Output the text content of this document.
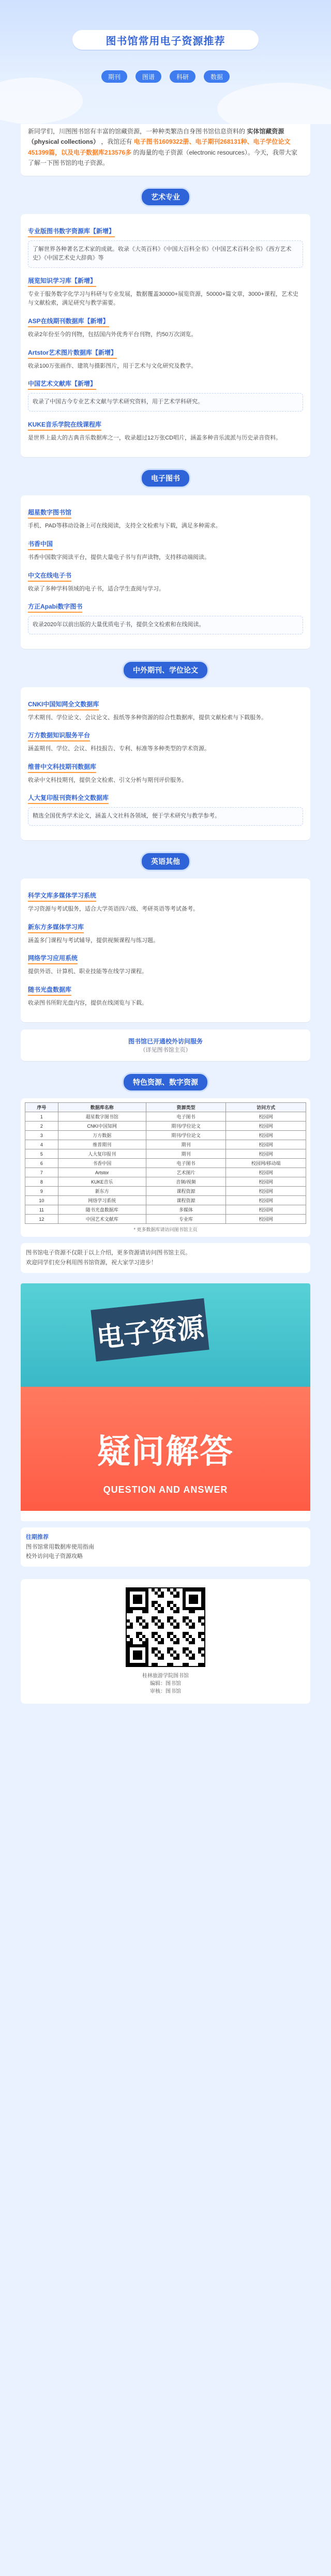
图书馆常用电子资源推荐
期刊	图谱	科研	数据
新同学们，川图图书馆有丰富的馆藏资源，一种种类繁浩自身图书馆信息资料的 实体馆藏资源（physical collections） ，我馆还有 电子图书1609322册、电子期刊268131种、电子学位论文451399篇，以及电子数据库213576多 的海量的电子资源（electronic resources）。今天，我带大家了解一下图书馆的电子资源。
艺术专业
专业版图书数字资源库【新增】
了解世界各种著名艺术家的成就。收录《大英百科》《中国大百科全书》《中国艺术百科全书》《西方艺术史》《中国艺术史大辞典》等
展览知识学习库【新增】
专业于服务数字化学习与科研与专业发展，数据覆盖30000+展览资源，50000+篇文章，3000+课程，艺术史与文献检索，满足研究与教学需要。
ASP在线期刊数据库【新增】
收录2年份至今的刊物，包括国内外优秀平台刊物，约50万次浏览。
Artstor艺术图片数据库【新增】
收录100万张画作、建筑与摄影图片，用于艺术与文化研究及教学。
中国艺术文献库【新增】
收录了中国古今专业艺术文献与学术研究资料，用于艺术学科研究。
KUKE音乐学院在线课程库
是世界上最大的古典音乐数据库之一，收录超过12万张CD唱片，涵盖多种音乐流派与历史录音资料。
电子图书
超星数字图书馆
手机、PAD等移动设备上可在线阅读，支持全文检索与下载，满足多种需求。
书香中国
书香中国数字阅读平台，提供大量电子书与有声读物，支持移动端阅读。
中文在线电子书
收录了多种学科领域的电子书，适合学生查阅与学习。
方正Apabi数字图书
收录2020年以前出版的大量优质电子书，提供全文检索和在线阅读。
中外期刊、学位论文
CNKI中国知网全文数据库
学术期刊、学位论文、会议论文、报纸等多种资源的综合性数据库，提供文献检索与下载服务。
万方数据知识服务平台
涵盖期刊、学位、会议、科技报告、专利、标准等多种类型的学术资源。
维普中文科技期刊数据库
收录中文科技期刊，提供全文检索、引文分析与期刊评价服务。
人大复印报刊资料全文数据库
精选全国优秀学术论文，涵盖人文社科各领域，便于学术研究与教学参考。
英语其他
科学文库多媒体学习系统
学习资源与考试服务，适合大学英语四六级、考研英语等考试备考。
新东方多媒体学习库
涵盖多门课程与考试辅导，提供视频课程与练习题。
网络学习应用系统
提供外语、计算机、职业技能等在线学习课程。
随书光盘数据库
收录图书所附光盘内容，提供在线浏览与下载。
图书馆已开通校外访问服务
（详见图书馆主页）
特色资源、数字资源
序号	数据库名称	资源类型	访问方式
1	超星数字图书馆	电子图书	校园网
2	CNKI中国知网	期刊/学位论文	校园网
3	万方数据	期刊/学位论文	校园网
4	维普期刊	期刊	校园网
5	人大复印报刊	期刊	校园网
6	书香中国	电子图书	校园网/移动端
7	Artstor	艺术图片	校园网
8	KUKE音乐	音频/视频	校园网
9	新东方	课程资源	校园网
10	网络学习系统	课程资源	校园网
11	随书光盘数据库	多媒体	校园网
12	中国艺术文献库	专业库	校园网
* 更多数据库请访问图书馆主页
图书馆电子资源不仅限于以上介绍，更多资源请访问图书馆主页。
欢迎同学们充分利用图书馆资源，祝大家学习进步！
电子资源
疑问解答
QUESTION AND ANSWER
往期推荐
图书馆常用数据库使用指南
校外访问电子资源攻略
桂林旅游学院图书馆
编辑：图书馆
审核：图书馆
